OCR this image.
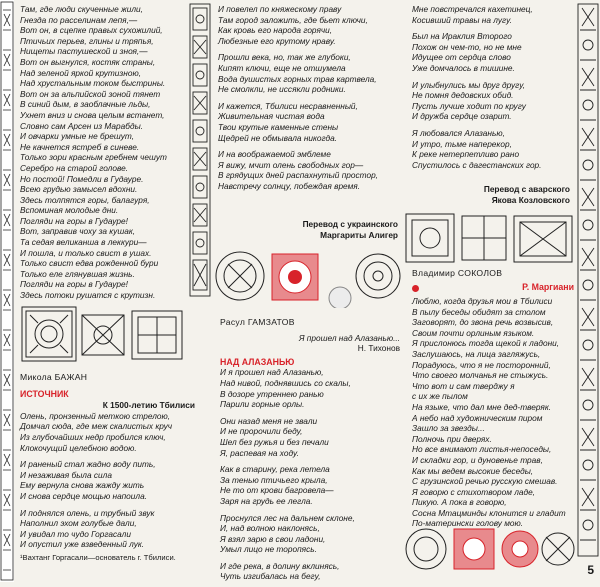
Там, где люди скученные жили,
Гнезда по расселинам лепя,—
Вот он, в сцепке правых сухожилий,
Птичьих перьев, глины и тряпья,
Нищеты пастушеской и зноя,—
Вот он выгнулся, костяк страны,
Над зеленой яркой крутизною,
Над хрустальным током быстрины.
Вот он за альпийской зоной тянет
В синий дым, в заоблачные льды,
Ухнет вниз и снова целым встанет,
Словно сам Арсен из Марабды.
И овчарки умные не брешут,
Не качнется ястреб в синеве.
Только зори красным гребнем чешут
Серебро на старой голове.
Но постой! Помедли в Гудауре.
Всею грудью замысел вдохни.
Здесь толпятся горы, балагуря,
Вспоминая молодые дни.
Погляди на горы в Гудауре!
Вот, заправив чоху за кушак,
Та седая великанша в леккури—
И пошла, и только свист в ушах.
Только свист едва рожденной бури
Только еле глянувшая жизнь.
Погляди на горы в Гудауре!
Здесь потоки рушатся с крутизн.
Микола БАЖАН
ИСТОЧНИК
К 1500-летию Тбилиси
Олень, пронзенный меткою стрелою,
Домчал сюда, где меж скалистых круч
Из глубочайших недр пробился ключ,
Клокочущий целебною водою.

И раненый стал жадно воду пить,
И незаживая была сила
Ему вернула снова жажду жить
И снова сердце мощью напоила.

И поднялся олень, и трубный звук
Наполнил эхом голубые дали,
И увидал то чудо Горгасали
И опустил уже взведенный лук.
¹Вахтанг Горгасали—основатель г. Тбилиси.
И повелел по княжескому праву
Там город заложить, где бьет ключи,
Как кровь его народа горячи,
Любезные его крутому нраву.

Прошли века, но, так же глубоки,
Кипят ключи, еще не отшумела
Вода душистых горных трав картвела,
Не смолкли, не иссякли родники.

И кажется, Тбилиси несравненный,
Живительная чистая вода
Твои крутые каменные стены
Щедрей не обмывала никогда.

И на воображаемой эмблеме
Я вижу, мчит олень свободных гор—
В грядущих дней распахнутый простор,
Навстречу солнцу, побеждая время.
Перевод с украинского
Маргариты Алигер
Расул ГАМЗАТОВ
Я прошел над Алазанью...
Н. Тихонов
НАД АЛАЗАНЬЮ
И я прошел над Алазанью,
Над нивой, поднявшись со скалы,
В дозоре утреннею ранью
Парили горные орлы.

Они назад меня не звали
И не пророчили беду,
Шел без ружья и без печали
Я, распевая на ходу.

Как в старину, река летела
За тенью птичьего крыла,
Не то от крови багровела—
Заря на грудь ее легла.

Проснулся лес на дальнем склоне,
И, над волною наклонясь,
Я взял зарю в свои ладони,
Умыл лицо не торопясь.

И где река, в долину вклинясь,
Чуть изгибалась на бегу,
Мне повстречался кахетинец,
Косивший травы на лугу.

Был на Ираклия Второго
Похож он чем-то, но не мне
Идущее от сердца слово
Уже домчалось в тишине.

И улыбнулись мы друг другу,
Не помня дедовских обид.
Пусть лучше ходит по кругу
И дружба сердце озарит.

Я любовался Алазанью,
И утро, тьме наперекор,
К реке нетерпетливо рано
Спустилось с дагестанских гор.
Перевод с аварского
Якова Козловского
Владимир СОКОЛОВ
Р. Маргиани
Люблю, когда друзья мои в Тбилиси
В пылу беседы обидят за столом
Заговорят, до звона речь возвысив,
Своим почти орлиным языком.
Я прислонюсь тогда щекой к ладони,
Заслушаюсь, на лица загляжусь,
Порадуюсь, что я не посторонний,
Что своего молчанья не стыжусь.
Что вот и сам тверджу я
с их же пылом
На языке, что дал мне дед-тверяк.
А небо над художническим пиром
Зашло за звезды...
Полночь при дверях.
Но все внимают листья-непоседы,
И складки гор, и дуновенье трав,
Как мы ведем высокие беседы,
С грузинской речью русскую смешав.
Я говорю с стихотвором ладе,
Пикую. А пока в говорю,
Сосна Мтацминды клонится и гладит
По-матерински голову мою.
5
